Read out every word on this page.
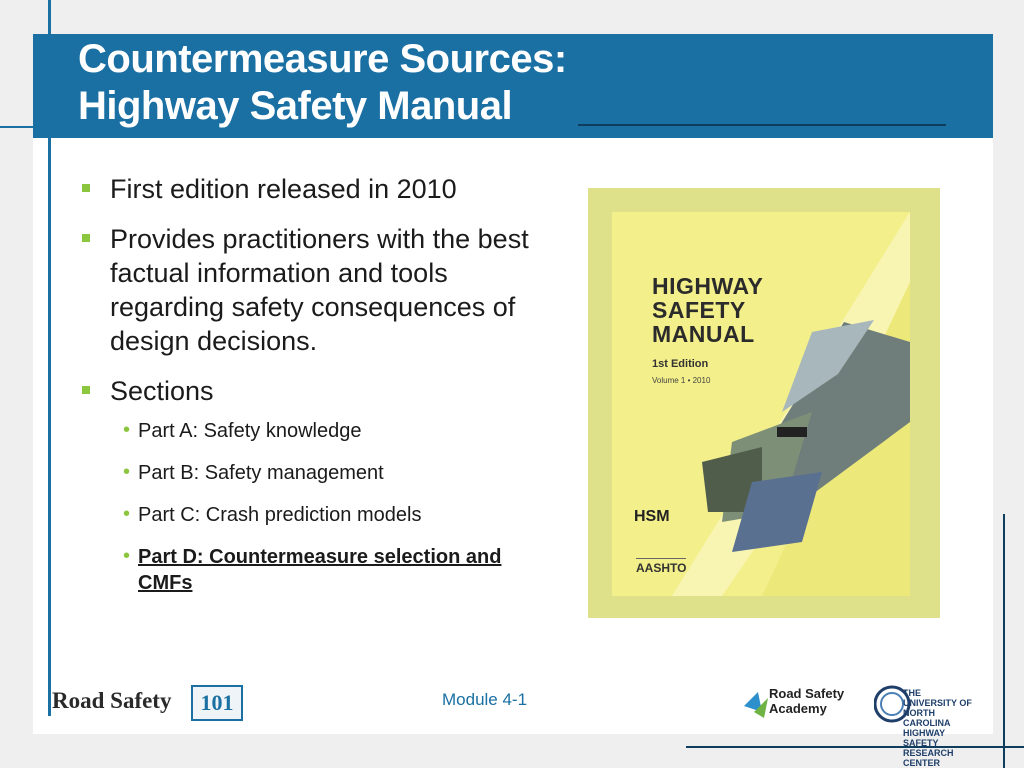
Countermeasure Sources:
Highway Safety Manual
First edition released in 2010
Provides practitioners with the best factual information and tools regarding safety consequences of design decisions.
Sections
• Part A: Safety knowledge
• Part B: Safety management
• Part C: Crash prediction models
• Part D: Countermeasure selection and CMFs
HIGHWAY SAFETY MANUAL
1st Edition
Volume 1 • 2010
HSM
AASHTO
Road Safety	101	Module 4-1	Road Safety Academy
THE UNIVERSITY OF NORTH CAROLINA HIGHWAY SAFETY RESEARCH CENTER
